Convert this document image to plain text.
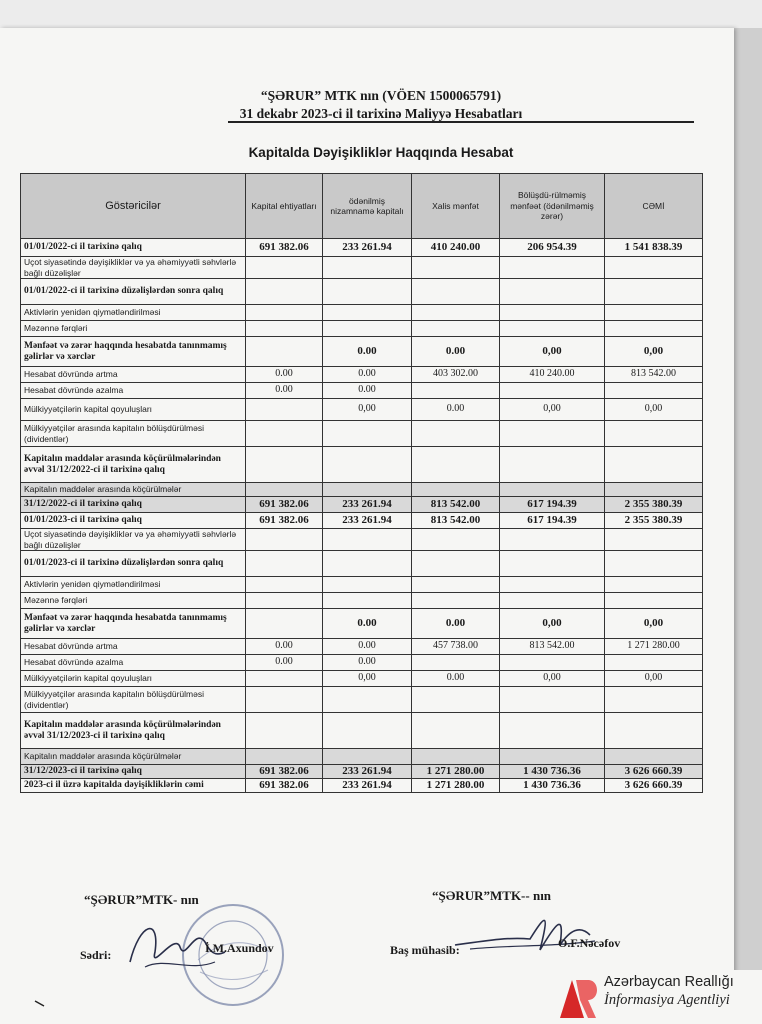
“ŞƏRUR” MTK nın (VÖEN 1500065791)
31 dekabr 2023-ci il tarixinə Maliyyə Hesabatları
Kapitalda Dəyişikliklər Haqqında Hesabat
Göstəricilər	Kapital ehtiyatları	ödənilmiş nizamnamə kapitalı	Xalis mənfət	Bölüşdü-rülməmiş mənfəət (ödənilməmiş zərər)	CƏMİ
01/01/2022-ci il tarixinə qalıq	691 382.06	233 261.94	410 240.00	206 954.39	1 541 838.39
Uçot siyasətində dəyişikliklər və ya əhəmiyyətli səhvlərlə bağlı düzəlişlər					
01/01/2022-ci il tarixinə düzəlişlərdən sonra qalıq					
Aktivlərin yenidən qiymətləndirilməsi					
Məzənnə fərqləri					
Mənfəət və zərər haqqında hesabatda tanınmamış gəlirlər və xərclər		0.00	0.00	0,00	0,00
Hesabat dövründə artma	0.00	0.00	403 302.00	410 240.00	813 542.00
Hesabat dövründə azalma	0.00	0.00			
Mülkiyyətçilərin kapital qoyuluşları		0,00	0.00	0,00	0,00
Mülkiyyətçilər arasında kapitalın bölüşdürülməsi (dividentlər)					
Kapitalın maddələr arasında köçürülmələrindən əvvəl 31/12/2022-ci il tarixinə qalıq					
Kapitalın maddələr arasında köçürülmələr					
31/12/2022-ci il tarixinə qalıq	691 382.06	233 261.94	813 542.00	617 194.39	2 355 380.39
01/01/2023-ci il tarixinə qalıq	691 382.06	233 261.94	813 542.00	617 194.39	2 355 380.39
Uçot siyasətində dəyişikliklər və ya əhəmiyyətli səhvlərlə bağlı düzəlişlər					
01/01/2023-ci il tarixinə düzəlişlərdən sonra qalıq					
Aktivlərin yenidən qiymətləndirilməsi					
Məzənnə fərqləri					
Mənfəət və zərər haqqında hesabatda tanınmamış gəlirlər və xərclər		0.00	0.00	0,00	0,00
Hesabat dövründə artma	0.00	0.00	457 738.00	813 542.00	1 271 280.00
Hesabat dövründə azalma	0.00	0.00			
Mülkiyyətçilərin kapital qoyuluşları		0,00	0.00	0,00	0,00
Mülkiyyətçilər arasında kapitalın bölüşdürülməsi (dividentlər)					
Kapitalın maddələr arasında köçürülmələrindən əvvəl 31/12/2023-ci il tarixinə qalıq					
Kapitalın maddələr arasında köçürülmələr					
31/12/2023-ci il tarixinə qalıq	691 382.06	233 261.94	1 271 280.00	1 430 736.36	3 626 660.39
2023-ci il üzrə kapitalda dəyişikliklərin cəmi	691 382.06	233 261.94	1 271 280.00	1 430 736.36	3 626 660.39
“ŞƏRUR”MTK- nın	“ŞƏRUR”MTK-- nın
Sədri:	İ.M.Axundov	Baş mühasib:	O.F.Nəcəfov
Azərbaycan Reallığı
İnformasiya Agentliyi
